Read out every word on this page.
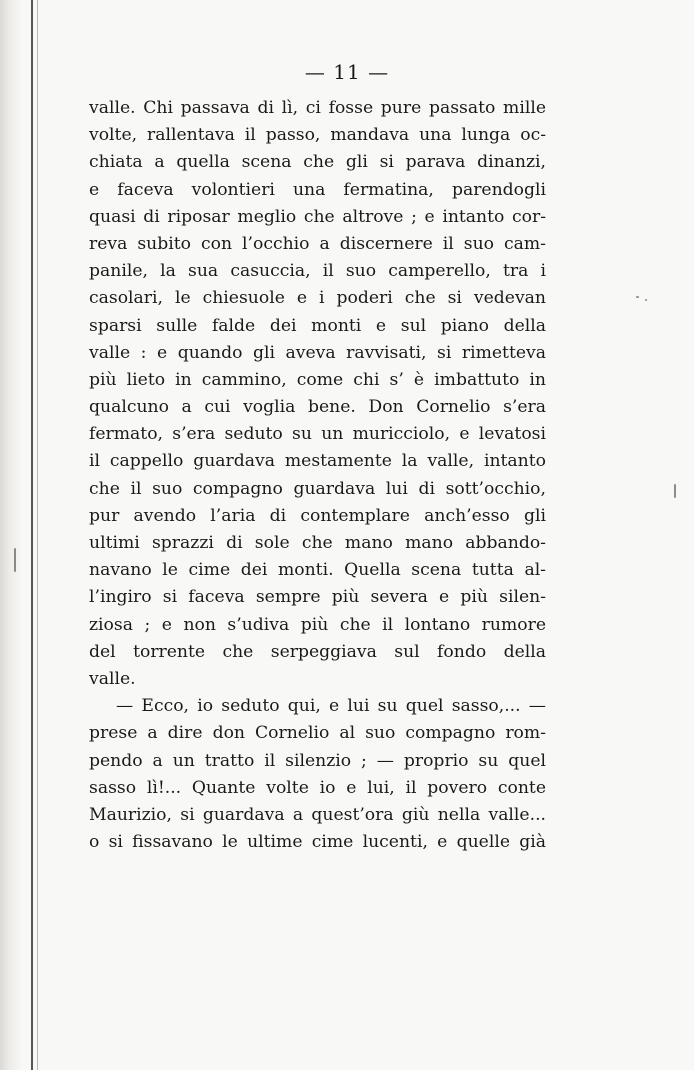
— 11 —
valle. Chi passava di lì, ci fosse pure passato mille
volte, rallentava il passo, mandava una lunga oc-
chiata a quella scena che gli si parava dinanzi,
e faceva volontieri una fermatina, parendogli
quasi di riposar meglio che altrove ; e intanto cor-
reva subito con l’occhio a discernere il suo cam-
panile, la sua casuccia, il suo camperello, tra i
casolari, le chiesuole e i poderi che si vedevan
sparsi sulle falde dei monti e sul piano della
valle : e quando gli aveva ravvisati, si rimetteva
più lieto in cammino, come chi s’ è imbattuto in
qualcuno a cui voglia bene. Don Cornelio s’era
fermato, s’era seduto su un muricciolo, e levatosi
il cappello guardava mestamente la valle, intanto
che il suo compagno guardava lui di sott’occhio,
pur avendo l’aria di contemplare anch’esso gli
ultimi sprazzi di sole che mano mano abbando-
navano le cime dei monti. Quella scena tutta al-
l’ingiro si faceva sempre più severa e più silen-
ziosa ; e non s’udiva più che il lontano rumore
del torrente che serpeggiava sul fondo della
valle.
— Ecco, io seduto qui, e lui su quel sasso,... —
prese a dire don Cornelio al suo compagno rom-
pendo a un tratto il silenzio ; — proprio su quel
sasso lì!... Quante volte io e lui, il povero conte
Maurizio, si guardava a quest’ora giù nella valle...
o si fissavano le ultime cime lucenti, e quelle già
